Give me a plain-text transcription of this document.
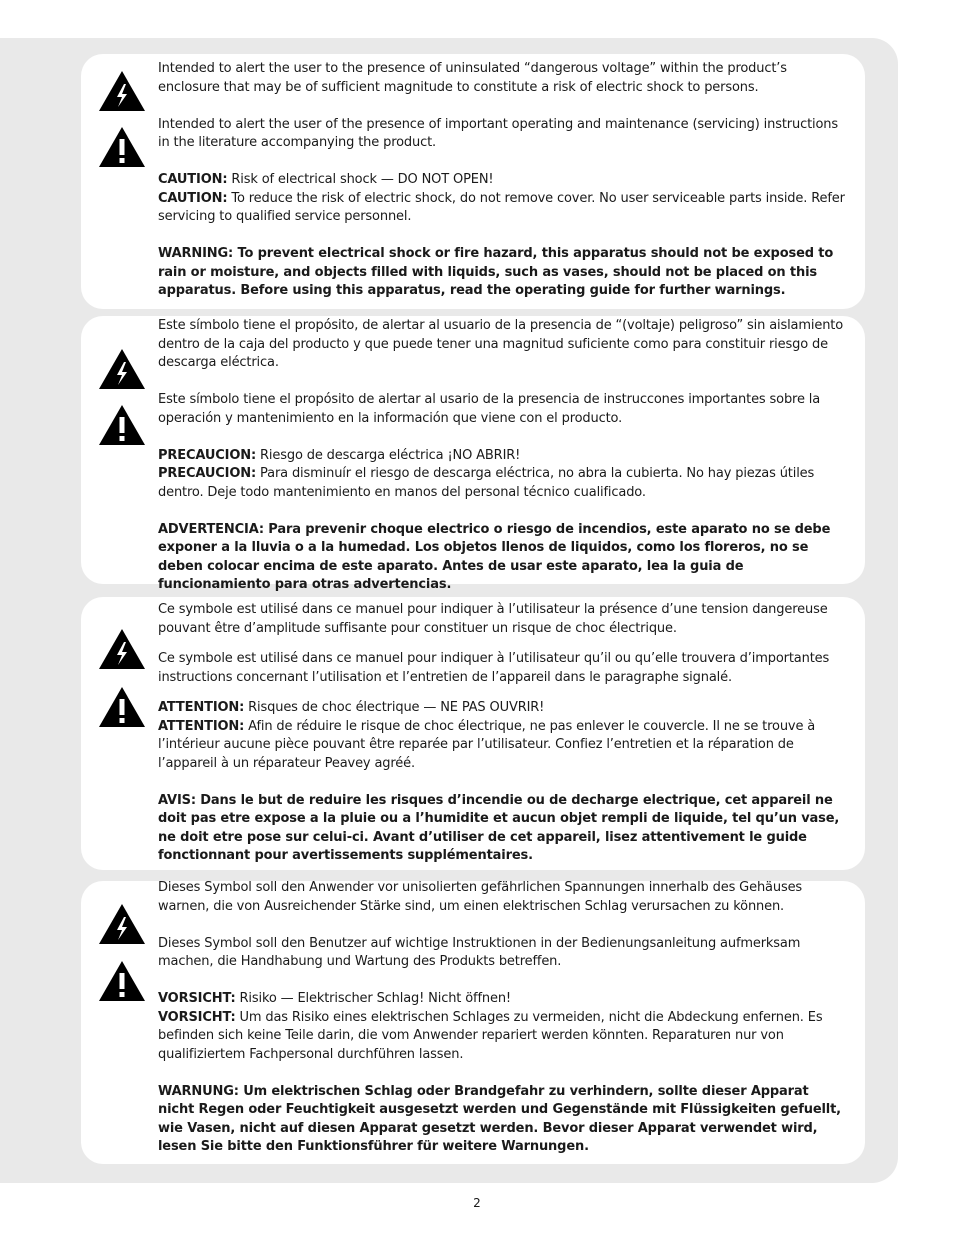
Intended to alert the user to the presence of uninsulated “dangerous voltage” within the product’s enclosure that may be of sufficient magnitude to constitute a risk of electric shock to persons.

Intended to alert the user of the presence of important operating and maintenance (servicing) instructions in the literature accompanying the product.

CAUTION: Risk of electrical shock — DO NOT OPEN!

CAUTION: To reduce the risk of electric shock, do not remove cover. No user serviceable parts inside. Refer servicing to qualified service personnel.

WARNING: To prevent electrical shock or fire hazard, this apparatus should not be exposed to rain or moisture, and objects filled with liquids, such as vases, should not be placed on this apparatus. Before using this apparatus, read the operating guide for further warnings.

Este símbolo tiene el propósito, de alertar al usuario de la presencia de “(voltaje) peligroso” sin aislamiento dentro de la caja del producto y que puede tener una magnitud suficiente como para constituir riesgo de descarga eléctrica.

Este símbolo tiene el propósito de alertar al usario de la presencia de instruccones importantes sobre la operación y mantenimiento en la información que viene con el producto.

PRECAUCION: Riesgo de descarga eléctrica ¡NO ABRIR!

PRECAUCION: Para disminuír el riesgo de descarga eléctrica, no abra la cubierta. No hay piezas útiles dentro. Deje todo mantenimiento en manos del personal técnico cualificado.

ADVERTENCIA: Para prevenir choque electrico o riesgo de incendios, este aparato no se debe exponer a la lluvia o a la humedad. Los objetos llenos de liquidos, como los floreros, no se deben colocar encima de este aparato. Antes de usar este aparato, lea la guia de funcionamiento para otras advertencias.

Ce symbole est utilisé dans ce manuel pour indiquer à l’utilisateur la présence d’une tension dangereuse pouvant être d’amplitude suffisante pour constituer un risque de choc électrique.

Ce symbole est utilisé dans ce manuel pour indiquer à l’utilisateur qu’il ou qu’elle trouvera d’importantes instructions concernant l’utilisation et l’entretien de l’appareil dans le paragraphe signalé.

ATTENTION: Risques de choc électrique — NE PAS OUVRIR!

ATTENTION: Afin de réduire le risque de choc électrique, ne pas enlever le couvercle. Il ne se trouve à l’intérieur aucune pièce pouvant être reparée par l’utilisateur. Confiez l’entretien et la réparation de l’appareil à un réparateur Peavey agréé.

AVIS: Dans le but de reduire les risques d’incendie ou de decharge electrique, cet appareil ne doit pas etre expose a la pluie ou a l’humidite et aucun objet rempli de liquide, tel qu’un vase, ne doit etre pose sur celui-ci. Avant d’utiliser de cet appareil, lisez attentivement le guide fonctionnant pour avertissements supplémentaires.

Dieses Symbol soll den Anwender vor unisolierten gefährlichen Spannungen innerhalb des Gehäuses warnen, die von Ausreichender Stärke sind, um einen elektrischen Schlag verursachen zu können.

Dieses Symbol soll den Benutzer auf wichtige Instruktionen in der Bedienungsanleitung aufmerksam machen, die Handhabung und Wartung des Produkts betreffen.

VORSICHT: Risiko — Elektrischer Schlag! Nicht öffnen!

VORSICHT: Um das Risiko eines elektrischen Schlages zu vermeiden, nicht die Abdeckung enfernen. Es befinden sich keine Teile darin, die vom Anwender repariert werden könnten. Reparaturen nur von qualifiziertem Fachpersonal durchführen lassen.

WARNUNG: Um elektrischen Schlag oder Brandgefahr zu verhindern, sollte dieser Apparat nicht Regen oder Feuchtigkeit ausgesetzt werden und Gegenstände mit Flüssigkeiten gefuellt, wie Vasen, nicht auf diesen Apparat gesetzt werden. Bevor dieser Apparat verwendet wird, lesen Sie bitte den Funktionsführer für weitere Warnungen.

2
